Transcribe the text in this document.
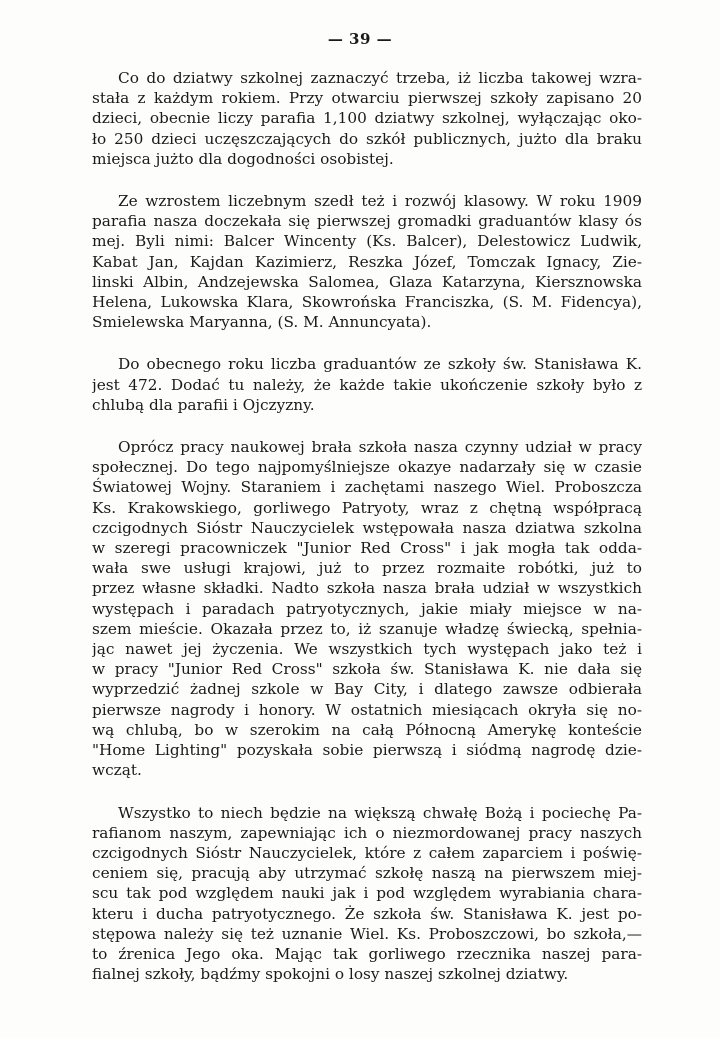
— 39 —
Co do dziatwy szkolnej zaznaczyć trzeba, iż liczba takowej wzra-
stała z każdym rokiem. Przy otwarciu pierwszej szkoły zapisano 20
dzieci, obecnie liczy parafia 1,100 dziatwy szkolnej, wyłączając oko-
ło 250 dzieci uczęszczających do szkół publicznych, jużto dla braku
miejsca jużto dla dogodności osobistej.
Ze wzrostem liczebnym szedł też i rozwój klasowy. W roku 1909
parafia nasza doczekała się pierwszej gromadki graduantów klasy ós
mej. Byli nimi: Balcer Wincenty (Ks. Balcer), Delestowicz Ludwik,
Kabat Jan, Kajdan Kazimierz, Reszka Józef, Tomczak Ignacy, Zie-
linski Albin, Andzejewska Salomea, Glaza Katarzyna, Kiersznowska
Helena, Lukowska Klara, Skowrońska Franciszka, (S. M. Fidencya),
Smielewska Maryanna, (S. M. Annuncyata).
Do obecnego roku liczba graduantów ze szkoły św. Stanisława K.
jest 472. Dodać tu należy, że każde takie ukończenie szkoły było z
chlubą dla parafii i Ojczyzny.
Oprócz pracy naukowej brała szkoła nasza czynny udział w pracy
społecznej. Do tego najpomyślniejsze okazye nadarzały się w czasie
Światowej Wojny. Staraniem i zachętami naszego Wiel. Proboszcza
Ks. Krakowskiego, gorliwego Patryoty, wraz z chętną współpracą
czcigodnych Sióstr Nauczycielek wstępowała nasza dziatwa szkolna
w szeregi pracowniczek "Junior Red Cross" i jak mogła tak odda-
wała swe usługi krajowi, już to przez rozmaite robótki, już to
przez własne składki. Nadto szkoła nasza brała udział w wszystkich
występach i paradach patryotycznych, jakie miały miejsce w na-
szem mieście. Okazała przez to, iż szanuje władzę świecką, spełnia-
jąc nawet jej życzenia. We wszystkich tych występach jako też i
w pracy "Junior Red Cross" szkoła św. Stanisława K. nie dała się
wyprzedzić żadnej szkole w Bay City, i dlatego zawsze odbierała
pierwsze nagrody i honory. W ostatnich miesiącach okryła się no-
wą chlubą, bo w szerokim na całą Północną Amerykę konteście
"Home Lighting" pozyskała sobie pierwszą i siódmą nagrodę dzie-
wcząt.
Wszystko to niech będzie na większą chwałę Bożą i pociechę Pa-
rafianom naszym, zapewniając ich o niezmordowanej pracy naszych
czcigodnych Sióstr Nauczycielek, które z całem zaparciem i poświę-
ceniem się, pracują aby utrzymać szkołę naszą na pierwszem miej-
scu tak pod względem nauki jak i pod względem wyrabiania chara-
kteru i ducha patryotycznego. Że szkoła św. Stanisława K. jest po-
stępowa należy się też uznanie Wiel. Ks. Proboszczowi, bo szkoła,—
to źrenica Jego oka. Mając tak gorliwego rzecznika naszej para-
fialnej szkoły, bądźmy spokojni o losy naszej szkolnej dziatwy.
